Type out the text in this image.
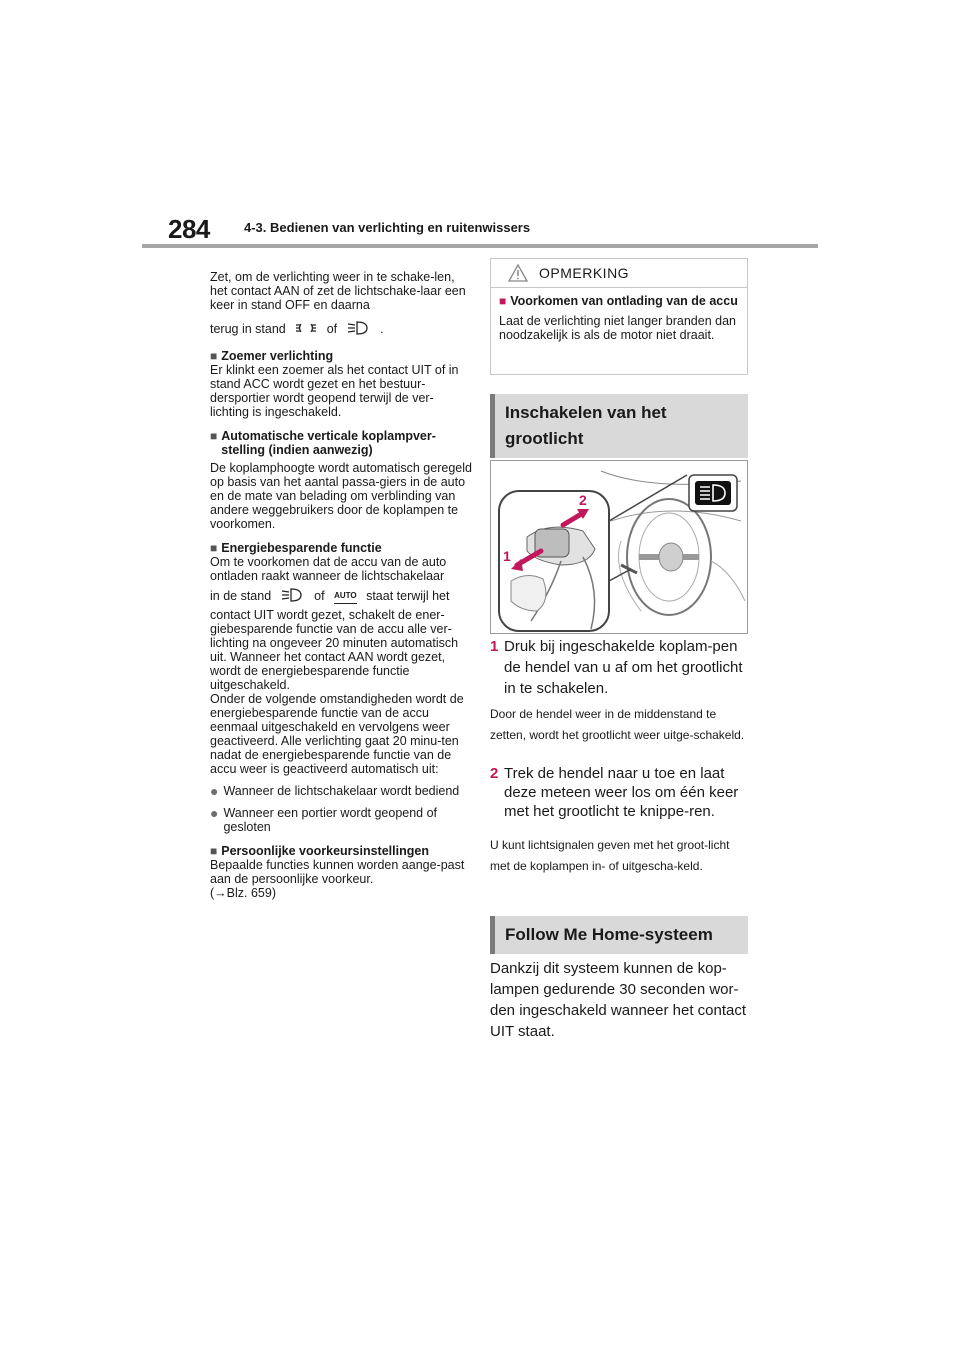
284	4-3. Bedienen van verlichting en ruitenwissers

Zet, om de verlichting weer in te schake-len, het contact AAN of zet de lichtschake-laar een keer in stand OFF en daarna

terug in stand	of	.

■ Zoemer verlichting

Er klinkt een zoemer als het contact UIT of in stand ACC wordt gezet en het bestuur-dersportier wordt geopend terwijl de ver-lichting is ingeschakeld.

■ Automatische verticale koplampver-stelling (indien aanwezig)

De koplamphoogte wordt automatisch geregeld op basis van het aantal passa-giers in de auto en de mate van belading om verblinding van andere weggebruikers door de koplampen te voorkomen.

■ Energiebesparende functie

Om te voorkomen dat de accu van de auto ontladen raakt wanneer de lichtschakelaar

in de stand	of AUTO staat terwijl het

contact UIT wordt gezet, schakelt de ener-giebesparende functie van de accu alle ver-lichting na ongeveer 20 minuten automatisch uit. Wanneer het contact AAN wordt gezet, wordt de energiebesparende functie uitgeschakeld.

Onder de volgende omstandigheden wordt de energiebesparende functie van de accu eenmaal uitgeschakeld en vervolgens weer geactiveerd. Alle verlichting gaat 20 minu-ten nadat de energiebesparende functie van de accu weer is geactiveerd automatisch uit:

● Wanneer de lichtschakelaar wordt bediend
● Wanneer een portier wordt geopend of gesloten
■ Persoonlijke voorkeursinstellingen

Bepaalde functies kunnen worden aange-past aan de persoonlijke voorkeur.

(→Blz. 659)

OPMERKING
■ Voorkomen van ontlading van de accu
Laat de verlichting niet langer branden dan noodzakelijk is als de motor niet draait.
Inschakelen van het grootlicht
1
2
1 Druk bij ingeschakelde koplam-pen de hendel van u af om het grootlicht in te schakelen.
Door de hendel weer in de middenstand te zetten, wordt het grootlicht weer uitge-schakeld.
2 Trek de hendel naar u toe en laat deze meteen weer los om één keer met het grootlicht te knippe-ren.
U kunt lichtsignalen geven met het groot-licht met de koplampen in- of uitgescha-keld.
Follow Me Home-systeem
Dankzij dit systeem kunnen de kop-lampen gedurende 30 seconden wor-den ingeschakeld wanneer het contact UIT staat.
